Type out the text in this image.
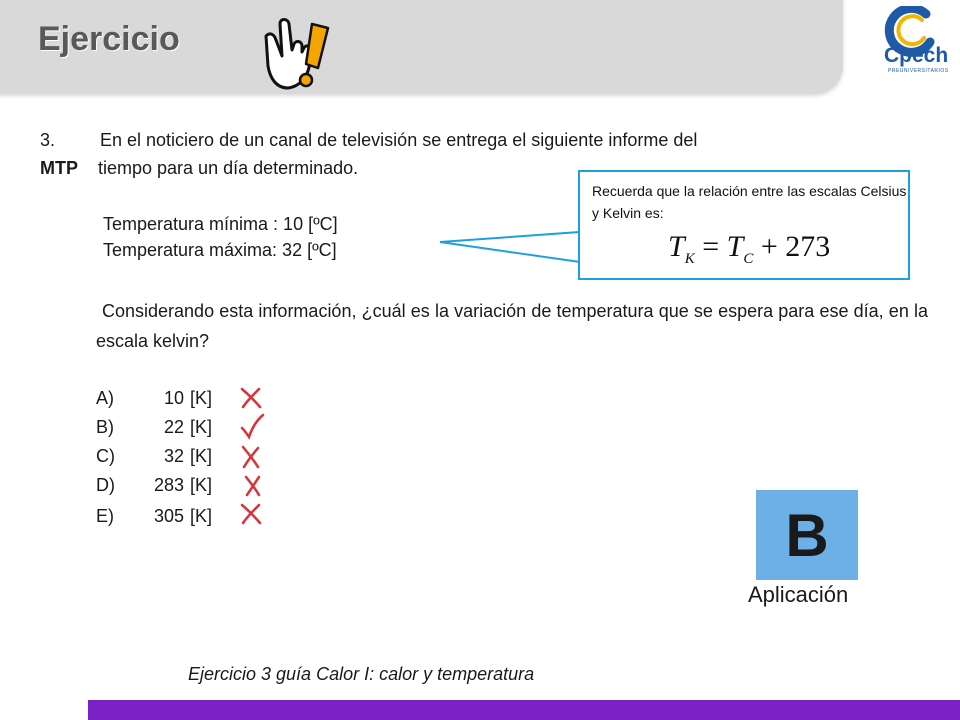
Ejercicio	Cpech
PREUNIVERSITARIOS
3. En el noticiero de un canal de televisión se entrega el siguiente informe del
MTP tiempo para un día determinado.
Temperatura mínima : 10 [ºC]
Temperatura máxima: 32 [ºC]
Recuerda que la relación entre las escalas Celsius y Kelvin es:
$T_K = T_C + 273$
Considerando esta información, ¿cuál es la variación de temperatura que se espera para ese día, en la escala kelvin?
A)	10 [K]
B)	22 [K]
C)	32 [K]
D) 283 [K]
E) 305 [K]	B
Aplicación
Ejercicio 3 guía Calor I: calor y temperatura
